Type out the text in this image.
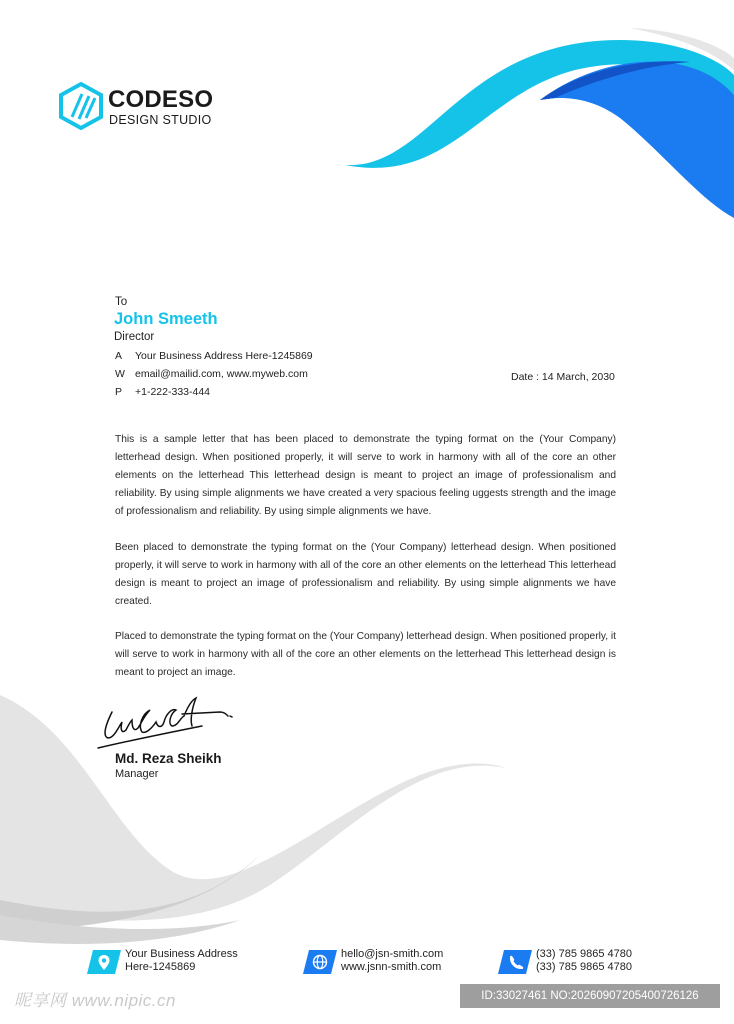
CODESO
DESIGN STUDIO
To
John Smeeth
Director
A Your Business Address Here-1245869
W email@mailid.com, www.myweb.com
P +1-222-333-444
Date : 14 March, 2030

This is a sample letter that has been placed to demonstrate the typing format on the (Your Company) letterhead design. When positioned properly, it will serve to work in harmony with all of the core an other elements on the letterhead This letterhead design is meant to project an image of professionalism and reliability. By using simple alignments we have created a very spacious feeling uggests strength and the image of professionalism and reliability. By using simple alignments we have.

Been placed to demonstrate the typing format on the (Your Company) letterhead design. When positioned properly, it will serve to work in harmony with all of the core an other elements on the letterhead This letterhead design is meant to project an image of professionalism and reliability. By using simple alignments we have created.

Placed to demonstrate the typing format on the (Your Company) letterhead design. When positioned properly, it will serve to work in harmony with all of the core an other elements on the letterhead This letterhead design is meant to project an image.

Md. Reza Sheikh
Manager
Your Business Address
Here-1245869
hello@jsn-smith.com
www.jsnn-smith.com
(33) 785 9865 4780
(33) 785 9865 4780
昵享网 www.nipic.cn	ID:33027461 NO:20260907205400726126
